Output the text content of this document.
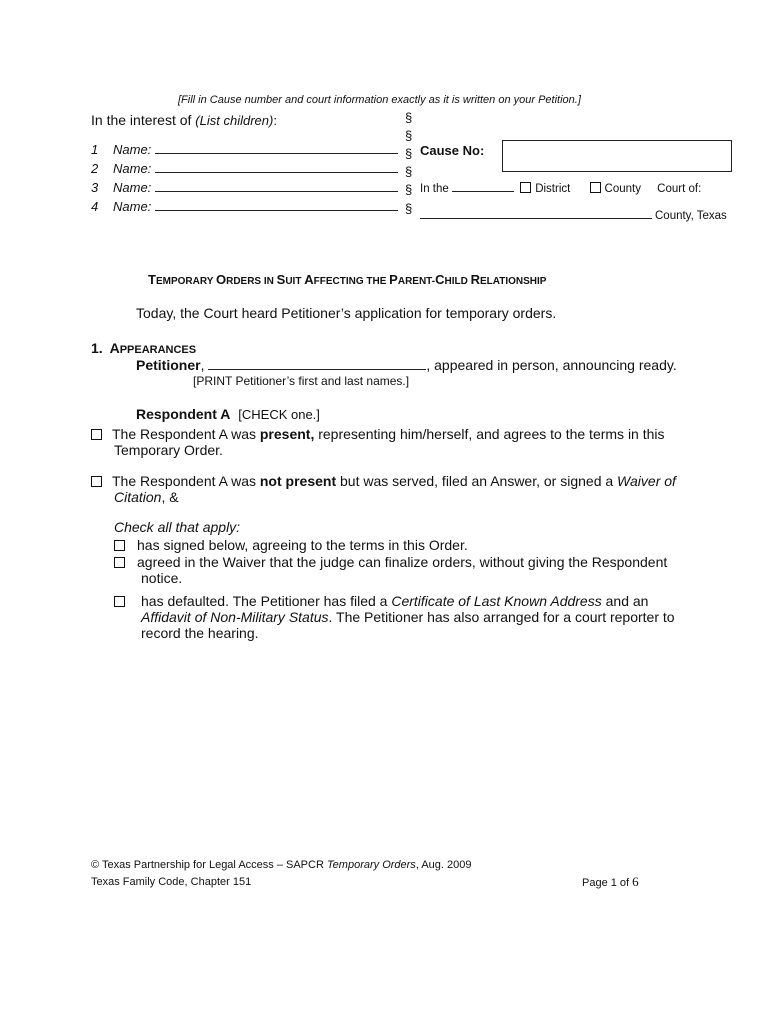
[Fill in Cause number and court information exactly as it is written on your Petition.]
In the interest of (List children):
1 Name:
2 Name:
3 Name:
4 Name:
§
§
§
§
§
§
Cause No:
In the	District	County Court of:
County, Texas
TEMPORARY ORDERS IN SUIT AFFECTING THE PARENT-CHILD RELATIONSHIP
Today, the Court heard Petitioner’s application for temporary orders.
1. APPEARANCES
Petitioner,	, appeared in person, announcing ready.
[PRINT Petitioner’s first and last names.]
Respondent A [CHECK one.]
The Respondent A was present, representing him/herself, and agrees to the terms in this
Temporary Order.
The Respondent A was not present but was served, filed an Answer, or signed a Waiver of
Citation, &
Check all that apply:
has signed below, agreeing to the terms in this Order.
agreed in the Waiver that the judge can finalize orders, without giving the Respondent
notice.
has defaulted. The Petitioner has filed a Certificate of Last Known Address and an
Affidavit of Non-Military Status. The Petitioner has also arranged for a court reporter to
record the hearing.
© Texas Partnership for Legal Access – SAPCR Temporary Orders, Aug. 2009
Texas Family Code, Chapter 151	Page 1 of 6
